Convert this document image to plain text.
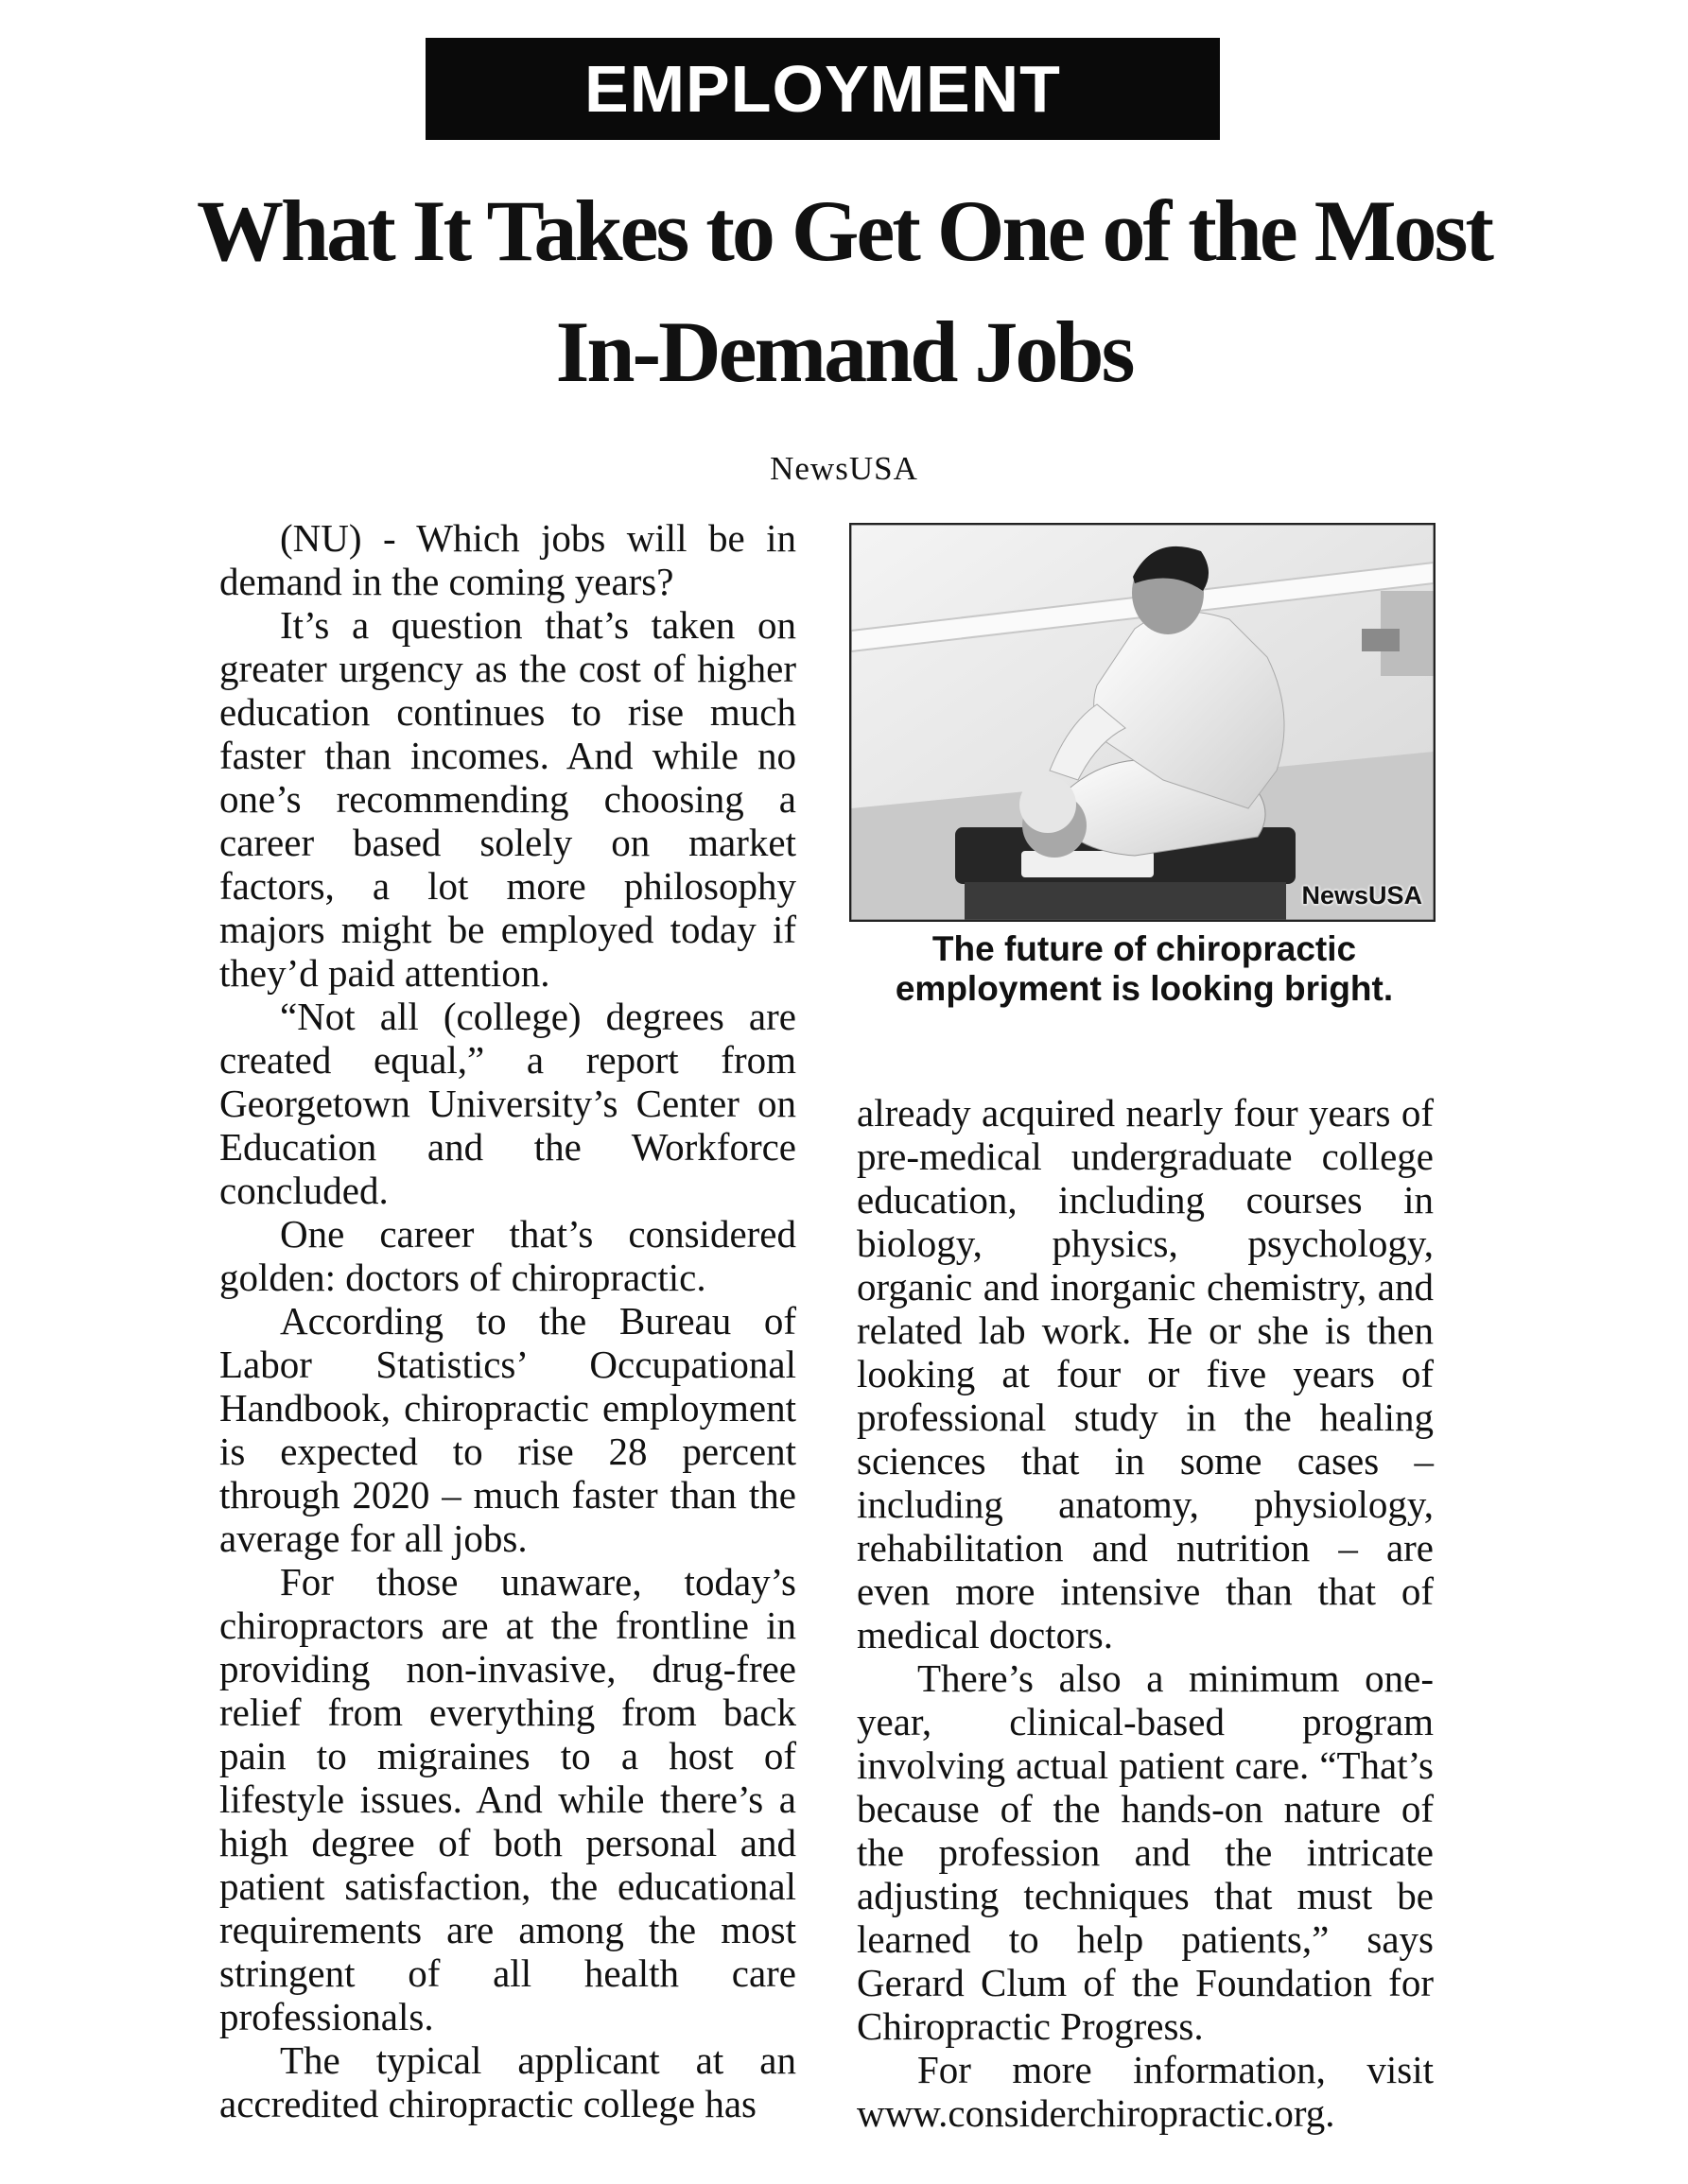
EMPLOYMENT
What It Takes to Get One of the Most In-Demand Jobs
NewsUSA

(NU) - Which jobs will be in demand in the coming years?

It’s a question that’s taken on greater urgency as the cost of higher education continues to rise much faster than incomes. And while no one’s recommending choosing a career based solely on market factors, a lot more philosophy majors might be employed today if they’d paid attention.

“Not all (college) degrees are created equal,” a report from Georgetown University’s Center on Education and the Workforce concluded.

One career that’s considered golden: doctors of chiropractic.

According to the Bureau of Labor Statistics’ Occupational Handbook, chiropractic employment is expected to rise 28 percent through 2020 – much faster than the average for all jobs.

For those unaware, today’s chiropractors are at the frontline in providing non-invasive, drug-free relief from everything from back pain to migraines to a host of lifestyle issues. And while there’s a high degree of both personal and patient satisfaction, the educational requirements are among the most stringent of all health care professionals.

The typical applicant at an accredited chiropractic college has

NewsUSA
The future of chiropractic employment is looking bright.

already acquired nearly four years of pre-medical undergraduate college education, including courses in biology, physics, psychology, organic and inorganic chemistry, and related lab work. He or she is then looking at four or five years of professional study in the healing sciences that in some cases – including anatomy, physiology, rehabilitation and nutrition – are even more intensive than that of medical doctors.

There’s also a minimum one-year, clinical-based program involving actual patient care. “That’s because of the hands-on nature of the profession and the intricate adjusting techniques that must be learned to help patients,” says Gerard Clum of the Foundation for Chiropractic Progress.

For more information, visit www.considerchiropractic.org.
